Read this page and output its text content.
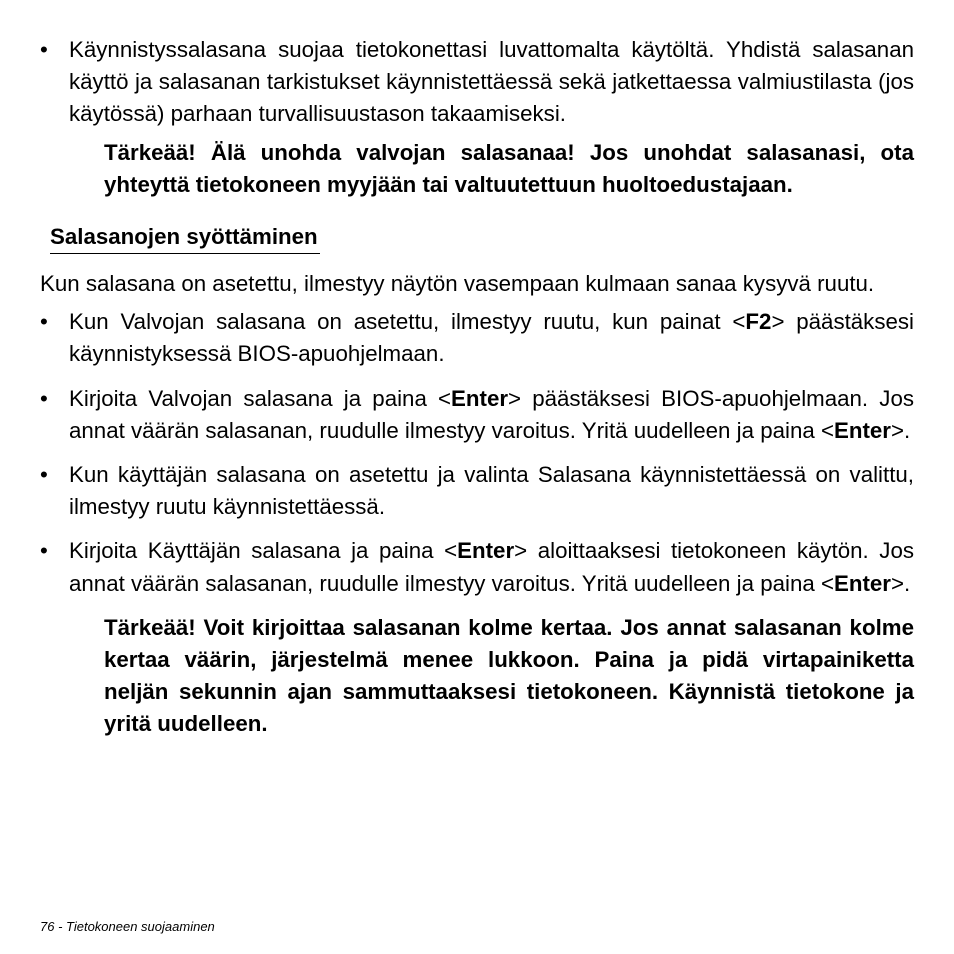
• Käynnistyssalasana suojaa tietokonettasi luvattomalta käytöltä. Yhdistä salasanan käyttö ja salasanan tarkistukset käynnistettäessä sekä jatkettaessa valmiustilasta (jos käytössä) parhaan turvallisuustason takaamiseksi.

Tärkeää! Älä unohda valvojan salasanaa! Jos unohdat salasanasi, ota yhteyttä tietokoneen myyjään tai valtuutettuun huoltoedustajaan.

Salasanojen syöttäminen

Kun salasana on asetettu, ilmestyy näytön vasempaan kulmaan sanaa kysyvä ruutu.

• Kun Valvojan salasana on asetettu, ilmestyy ruutu, kun painat <F2> päästäksesi käynnistyksessä BIOS-apuohjelmaan.

• Kirjoita Valvojan salasana ja paina <Enter> päästäksesi BIOS-apuohjelmaan. Jos annat väärän salasanan, ruudulle ilmestyy varoitus. Yritä uudelleen ja paina <Enter>.

• Kun käyttäjän salasana on asetettu ja valinta Salasana käynnistettäessä on valittu, ilmestyy ruutu käynnistettäessä.

• Kirjoita Käyttäjän salasana ja paina <Enter> aloittaaksesi tietokoneen käytön. Jos annat väärän salasanan, ruudulle ilmestyy varoitus. Yritä uudelleen ja paina <Enter>.

Tärkeää! Voit kirjoittaa salasanan kolme kertaa. Jos annat salasanan kolme kertaa väärin, järjestelmä menee lukkoon. Paina ja pidä virtapainiketta neljän sekunnin ajan sammuttaaksesi tietokoneen. Käynnistä tietokone ja yritä uudelleen.

76 - Tietokoneen suojaaminen
